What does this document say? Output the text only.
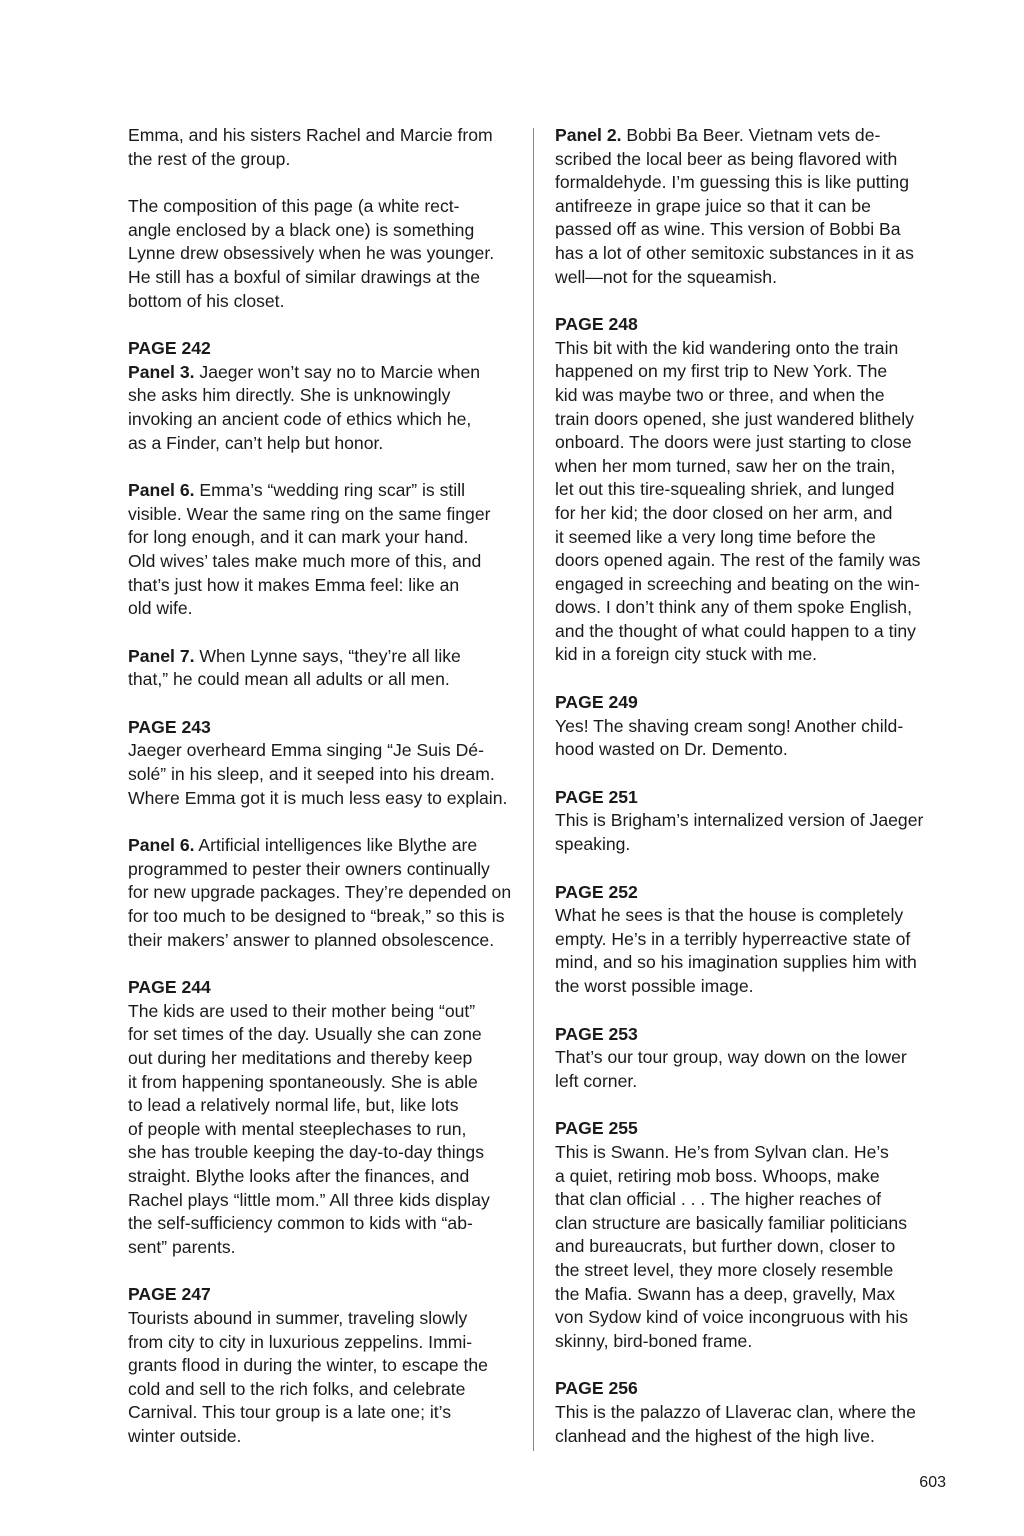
Emma, and his sisters Rachel and Marcie from
the rest of the group.

The composition of this page (a white rect-
angle enclosed by a black one) is something
Lynne drew obsessively when he was younger.
He still has a boxful of similar drawings at the
bottom of his closet.

PAGE 242
Panel 3. Jaeger won’t say no to Marcie when
she asks him directly. She is unknowingly
invoking an ancient code of ethics which he,
as a Finder, can’t help but honor.

Panel 6. Emma’s “wedding ring scar” is still
visible. Wear the same ring on the same finger
for long enough, and it can mark your hand.
Old wives’ tales make much more of this, and
that’s just how it makes Emma feel: like an
old wife.

Panel 7. When Lynne says, “they’re all like
that,” he could mean all adults or all men.

PAGE 243
Jaeger overheard Emma singing “Je Suis Dé-
solé” in his sleep, and it seeped into his dream.
Where Emma got it is much less easy to explain.

Panel 6. Artificial intelligences like Blythe are
programmed to pester their owners continually
for new upgrade packages. They’re depended on
for too much to be designed to “break,” so this is
their makers’ answer to planned obsolescence.

PAGE 244
The kids are used to their mother being “out”
for set times of the day. Usually she can zone
out during her meditations and thereby keep
it from happening spontaneously. She is able
to lead a relatively normal life, but, like lots
of people with mental steeplechases to run,
she has trouble keeping the day-to-day things
straight. Blythe looks after the finances, and
Rachel plays “little mom.” All three kids display
the self-sufficiency common to kids with “ab-
sent” parents.

PAGE 247
Tourists abound in summer, traveling slowly
from city to city in luxurious zeppelins. Immi-
grants flood in during the winter, to escape the
cold and sell to the rich folks, and celebrate
Carnival. This tour group is a late one; it’s
winter outside.

Panel 2. Bobbi Ba Beer. Vietnam vets de-
scribed the local beer as being flavored with
formaldehyde. I’m guessing this is like putting
antifreeze in grape juice so that it can be
passed off as wine. This version of Bobbi Ba
has a lot of other semitoxic substances in it as
well—not for the squeamish.

PAGE 248
This bit with the kid wandering onto the train
happened on my first trip to New York. The
kid was maybe two or three, and when the
train doors opened, she just wandered blithely
onboard. The doors were just starting to close
when her mom turned, saw her on the train,
let out this tire-squealing shriek, and lunged
for her kid; the door closed on her arm, and
it seemed like a very long time before the
doors opened again. The rest of the family was
engaged in screeching and beating on the win-
dows. I don’t think any of them spoke English,
and the thought of what could happen to a tiny
kid in a foreign city stuck with me.

PAGE 249
Yes! The shaving cream song! Another child-
hood wasted on Dr. Demento.

PAGE 251
This is Brigham’s internalized version of Jaeger
speaking.

PAGE 252
What he sees is that the house is completely
empty. He’s in a terribly hyperreactive state of
mind, and so his imagination supplies him with
the worst possible image.

PAGE 253
That’s our tour group, way down on the lower
left corner.

PAGE 255
This is Swann. He’s from Sylvan clan. He’s
a quiet, retiring mob boss. Whoops, make
that clan official . . . The higher reaches of
clan structure are basically familiar politicians
and bureaucrats, but further down, closer to
the street level, they more closely resemble
the Mafia. Swann has a deep, gravelly, Max
von Sydow kind of voice incongruous with his
skinny, bird-boned frame.

PAGE 256
This is the palazzo of Llaverac clan, where the
clanhead and the highest of the high live.

603
